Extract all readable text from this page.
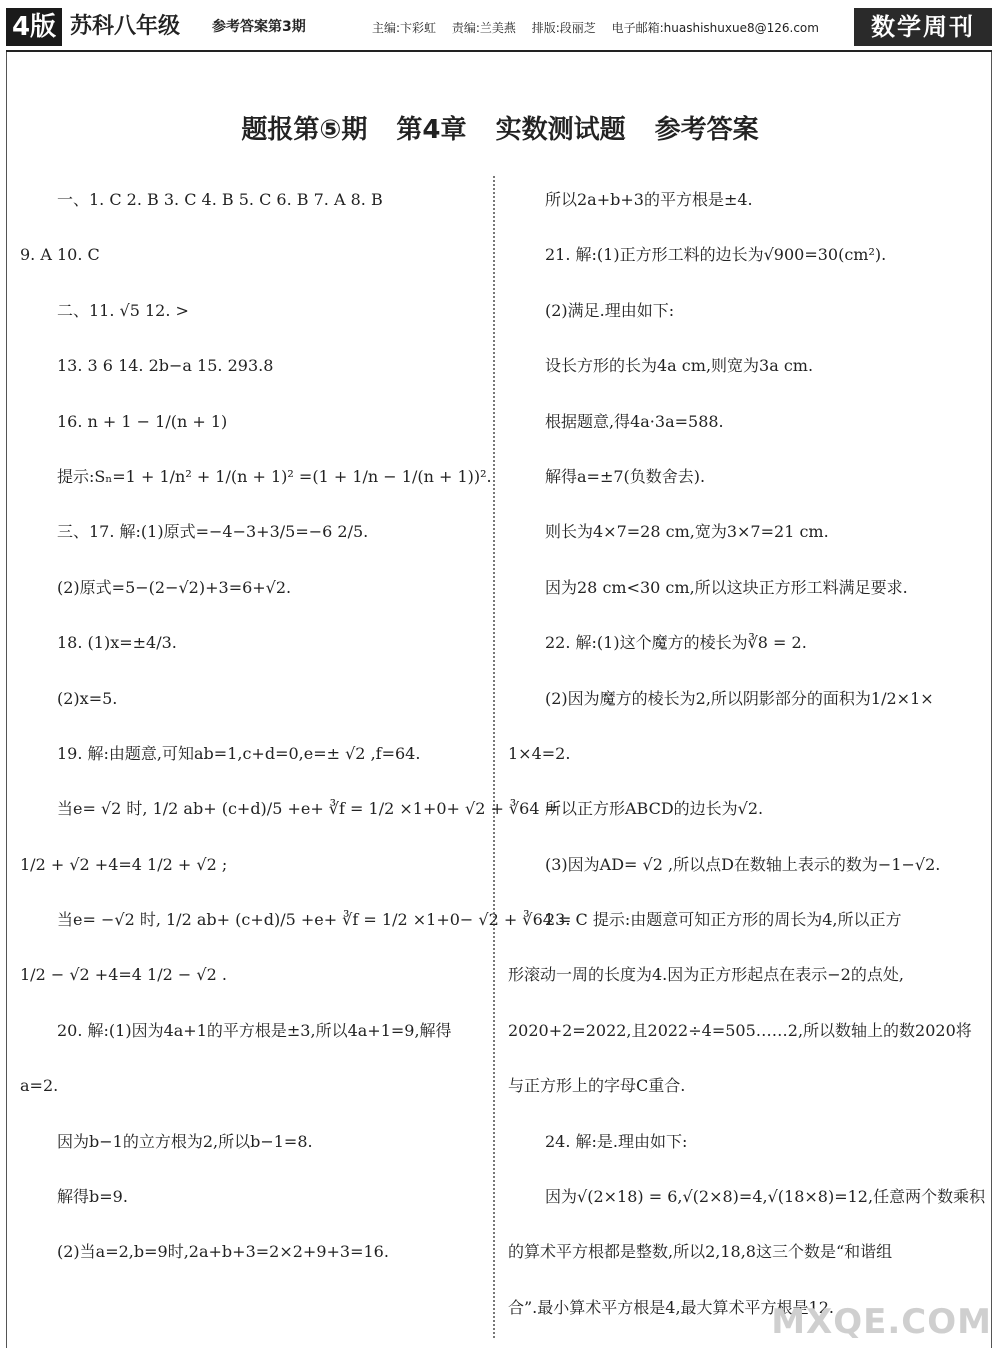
4版 苏科八年级 参考答案第3期	主编:卞彩虹 责编:兰美燕 排版:段丽芝 电子邮箱:huashishuxue8@126.com	数学周刊
题报第⑤期 第4章 实数测试题 参考答案
一、1. C 2. B 3. C 4. B 5. C 6. B 7. A 8. B
9. A 10. C
二、11. √5 12. >
13. 3 6 14. 2b−a 15. 293.8
16. n + 1 − 1/(n + 1)
提示:Sₙ=1 + 1/n² + 1/(n + 1)² =(1 + 1/n − 1/(n + 1))².
三、17. 解:(1)原式=−4−3+3/5=−6 2/5.
(2)原式=5−(2−√2)+3=6+√2.
18. (1)x=±4/3.
(2)x=5.
19. 解:由题意,可知ab=1,c+d=0,e=± √2 ,f=64.
当e= √2 时, 1/2 ab+ (c+d)/5 +e+ ∛f = 1/2 ×1+0+ √2 + ∛64 =
1/2 + √2 +4=4 1/2 + √2 ;
当e= −√2 时, 1/2 ab+ (c+d)/5 +e+ ∛f = 1/2 ×1+0− √2 + ∛64 =
1/2 − √2 +4=4 1/2 − √2 .
20. 解:(1)因为4a+1的平方根是±3,所以4a+1=9,解得
a=2.
因为b−1的立方根为2,所以b−1=8.
解得b=9.
(2)当a=2,b=9时,2a+b+3=2×2+9+3=16.
所以2a+b+3的平方根是±4.
21. 解:(1)正方形工料的边长为√900=30(cm²).
(2)满足.理由如下:
设长方形的长为4a cm,则宽为3a cm.
根据题意,得4a·3a=588.
解得a=±7(负数舍去).
则长为4×7=28 cm,宽为3×7=21 cm.
因为28 cm<30 cm,所以这块正方形工料满足要求.
22. 解:(1)这个魔方的棱长为∛8 = 2.
(2)因为魔方的棱长为2,所以阴影部分的面积为1/2×1×
1×4=2.
所以正方形ABCD的边长为√2.
(3)因为AD= √2 ,所以点D在数轴上表示的数为−1−√2.
23. C 提示:由题意可知正方形的周长为4,所以正方
形滚动一周的长度为4.因为正方形起点在表示−2的点处,
2020+2=2022,且2022÷4=505……2,所以数轴上的数2020将
与正方形上的字母C重合.
24. 解:是.理由如下:
因为√(2×18) = 6,√(2×8)=4,√(18×8)=12,任意两个数乘积
的算术平方根都是整数,所以2,18,8这三个数是“和谐组
合”.最小算术平方根是4,最大算术平方根是12.
MXQE.COM
